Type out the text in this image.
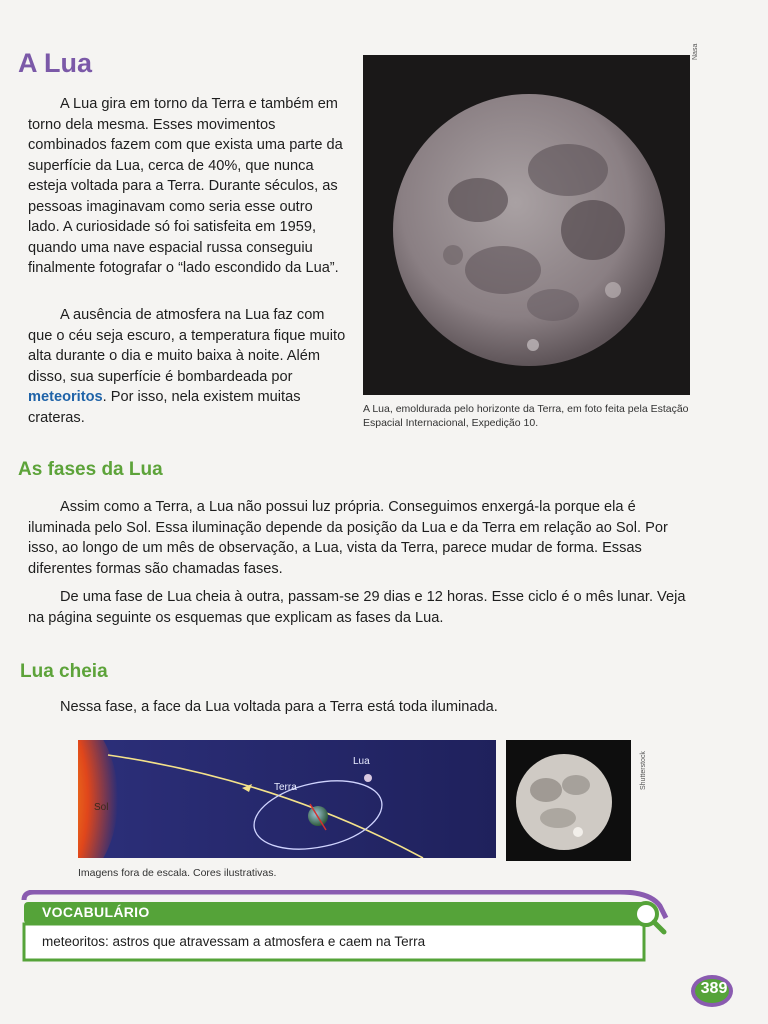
A Lua

A Lua gira em torno da Terra e também em torno dela mesma. Esses movimentos combinados fazem com que exista uma parte da superfície da Lua, cerca de 40%, que nunca esteja voltada para a Terra. Durante séculos, as pessoas imaginavam como seria esse outro lado. A curiosidade só foi satisfeita em 1959, quando uma nave espacial russa conseguiu finalmente fotografar o “lado escondido da Lua”.

A ausência de atmosfera na Lua faz com que o céu seja escuro, a temperatura fique muito alta durante o dia e muito baixa à noite. Além disso, sua superfície é bombardeada por meteoritos. Por isso, nela existem muitas crateras.

Nasa

A Lua, emoldurada pelo horizonte da Terra, em foto feita pela Estação Espacial Internacional, Expedição 10.

As fases da Lua

Assim como a Terra, a Lua não possui luz própria. Conseguimos enxergá-la porque ela é iluminada pelo Sol. Essa iluminação depende da posição da Lua e da Terra em relação ao Sol. Por isso, ao longo de um mês de observação, a Lua, vista da Terra, parece mudar de forma. Essas diferentes formas são chamadas fases.

De uma fase de Lua cheia à outra, passam-se 29 dias e 12 horas. Esse ciclo é o mês lunar. Veja na página seguinte os esquemas que explicam as fases da Lua.

Lua cheia

Nessa fase, a face da Lua voltada para a Terra está toda iluminada.

Sol
Terra
Lua	Shutterstock

Imagens fora de escala. Cores ilustrativas.

VOCABULÁRIO
meteoritos: astros que atravessam a atmosfera e caem na Terra
389
